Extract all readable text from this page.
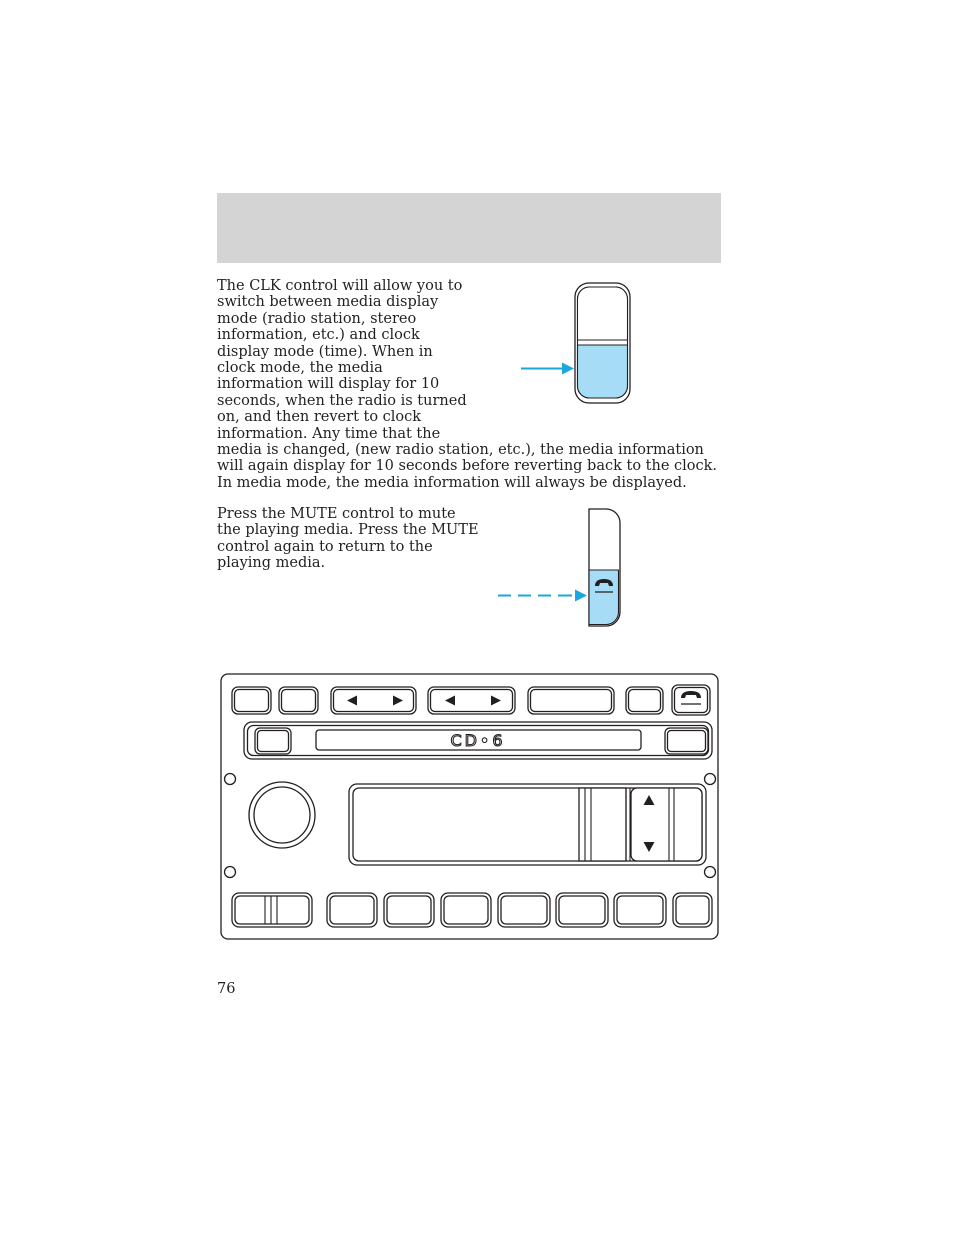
The CLK control will allow you to switch between media display mode (radio station, stereo information, etc.) and clock display mode (time). When in clock mode, the media information will display for 10 seconds, when the radio is turned on, and then revert to clock information. Any time that the
media is changed, (new radio station, etc.), the media information will again display for 10 seconds before reverting back to the clock. In media mode, the media information will always be displayed.

Press the MUTE control to mute the playing media. Press the MUTE control again to return to the playing media.

CD•6
76
